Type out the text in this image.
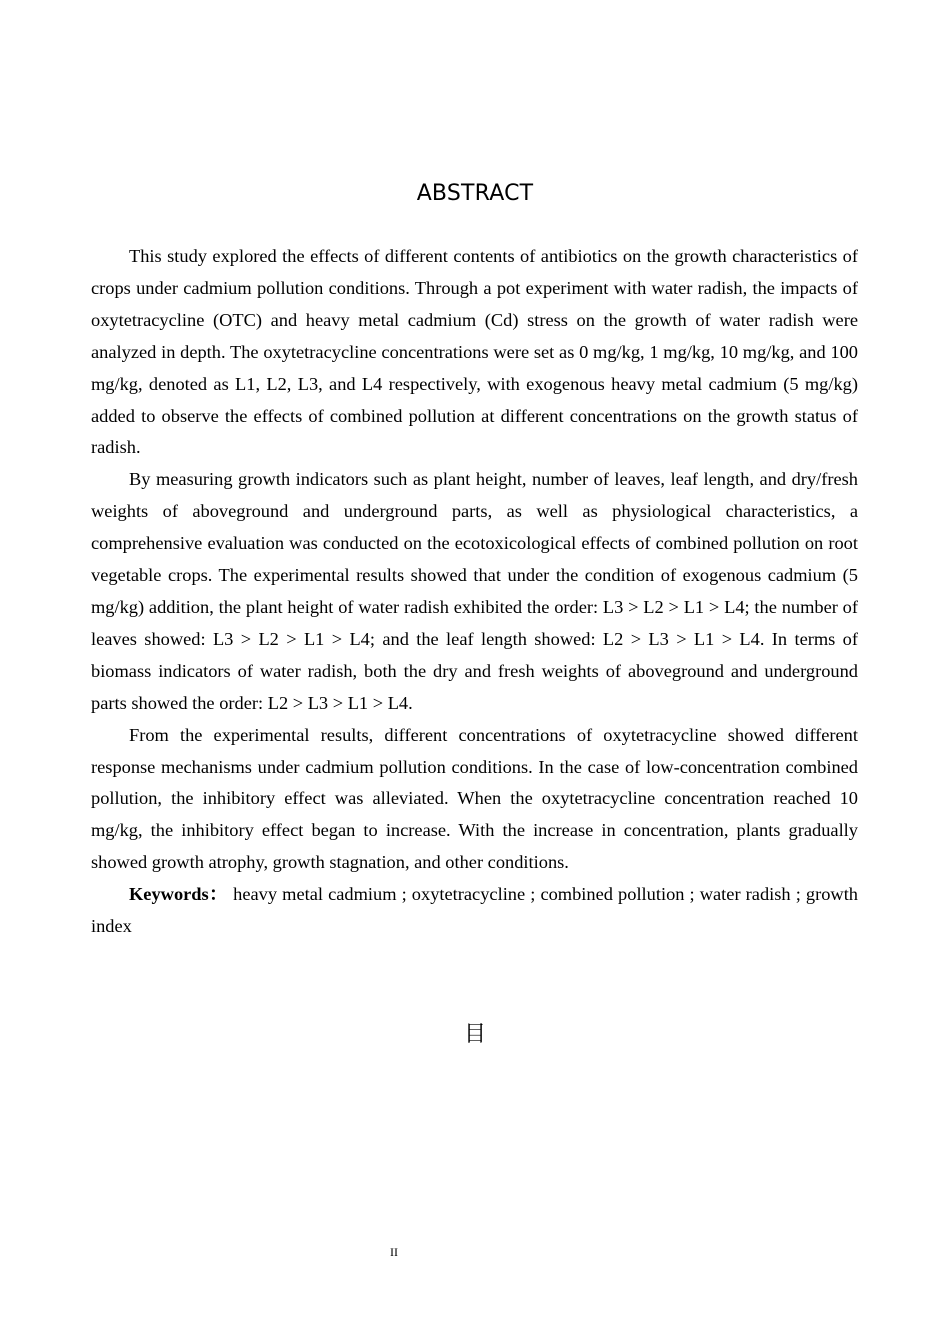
ABSTRACT

This study explored the effects of different contents of antibiotics on the growth characteristics of crops under cadmium pollution conditions. Through a pot experiment with water radish, the impacts of oxytetracycline (OTC) and heavy metal cadmium (Cd) stress on the growth of water radish were analyzed in depth. The oxytetracycline concentrations were set as 0 mg/kg, 1 mg/kg, 10 mg/kg, and 100 mg/kg, denoted as L1, L2, L3, and L4 respectively, with exogenous heavy metal cadmium (5 mg/kg) added to observe the effects of combined pollution at different concentrations on the growth status of radish.

By measuring growth indicators such as plant height, number of leaves, leaf length, and dry/fresh weights of aboveground and underground parts, as well as physiological characteristics, a comprehensive evaluation was conducted on the ecotoxicological effects of combined pollution on root vegetable crops. The experimental results showed that under the condition of exogenous cadmium (5 mg/kg) addition, the plant height of water radish exhibited the order: L3 > L2 > L1 > L4; the number of leaves showed: L3 > L2 > L1 > L4; and the leaf length showed: L2 > L3 > L1 > L4. In terms of biomass indicators of water radish, both the dry and fresh weights of aboveground and underground parts showed the order: L2 > L3 > L1 > L4.

From the experimental results, different concentrations of oxytetracycline showed different response mechanisms under cadmium pollution conditions. In the case of low-concentration combined pollution, the inhibitory effect was alleviated. When the oxytetracycline concentration reached 10 mg/kg, the inhibitory effect began to increase. With the increase in concentration, plants gradually showed growth atrophy, growth stagnation, and other conditions.

Keywords： heavy metal cadmium ; oxytetracycline ; combined pollution ; water radish ; growth index

目
II
